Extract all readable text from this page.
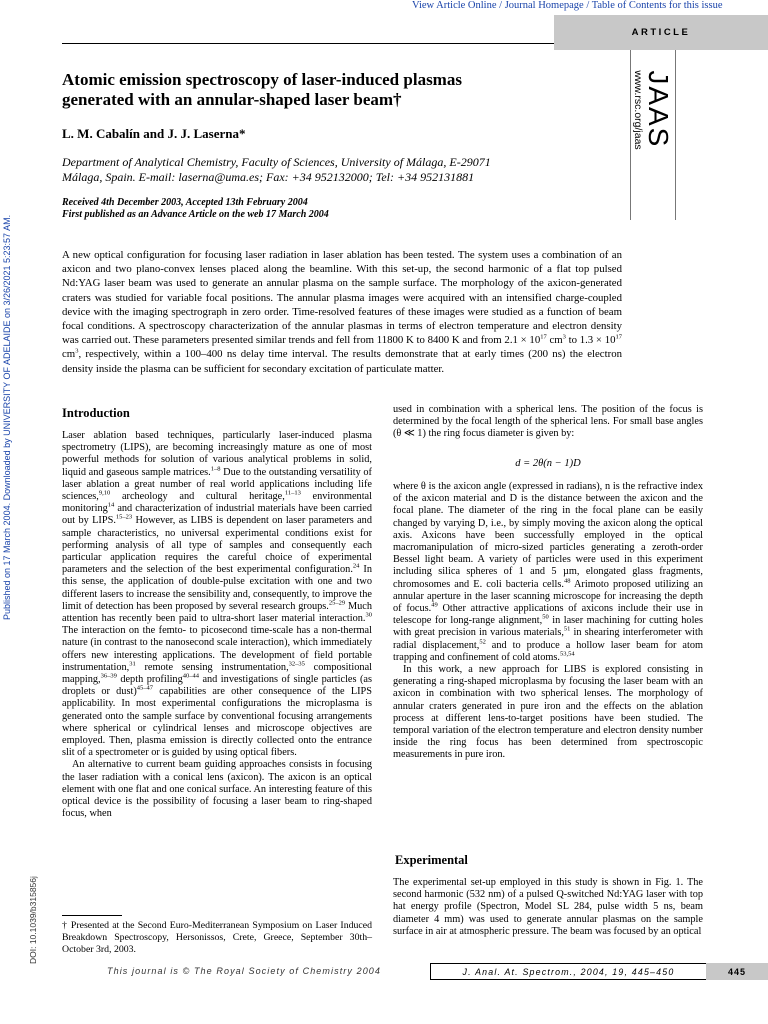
View Article Online / Journal Homepage / Table of Contents for this issue
ARTICLE
JAAS
www.rsc.org/jaas
Published on 17 March 2004. Downloaded by UNIVERSITY OF ADELAIDE on 3/26/2021 5:23:57 AM.
DOI: 10.1039/b315856j
Atomic emission spectroscopy of laser-induced plasmas
generated with an annular-shaped laser beam†
L. M. Cabalín and J. J. Laserna*
Department of Analytical Chemistry, Faculty of Sciences, University of Málaga, E-29071
Málaga, Spain. E-mail: laserna@uma.es; Fax: +34 952132000; Tel: +34 952131881
Received 4th December 2003, Accepted 13th February 2004
First published as an Advance Article on the web 17 March 2004
A new optical configuration for focusing laser radiation in laser ablation has been tested. The system uses a combination of an axicon and two plano-convex lenses placed along the beamline. With this set-up, the second harmonic of a flat top pulsed Nd:YAG laser beam was used to generate an annular plasma on the sample surface. The morphology of the axicon-generated craters was studied for variable focal positions. The annular plasma images were acquired with an intensified charge-coupled device with the imaging spectrograph in zero order. Time-resolved features of these images were studied as a function of beam focal conditions. A spectroscopy characterization of the annular plasmas in terms of electron temperature and electron density was carried out. These parameters presented similar trends and fell from 11800 K to 8400 K and from $2.1 \times 10^{17}$ $cm^3$ to $1.3 \times 10^{17}$ $cm^3$, respectively, within a 100–400 ns delay time interval. The results demonstrate that at early times (200 ns) the electron density inside the plasma can be sufficient for secondary excitation of particulate matter.
Introduction

Laser ablation based techniques, particularly laser-induced plasma spectrometry (LIPS), are becoming increasingly mature as one of most powerful methods for solution of various analytical problems in solid, liquid and gaseous sample matrices.$^{1-8}$ Due to the outstanding versatility of laser ablation a great number of real world applications including life sciences,$^{9,10}$ archeology and cultural heritage,$^{11-13}$ environmental monitoring$^{14}$ and characterization of industrial materials have been carried out by LIPS.$^{15-23}$ However, as LIBS is dependent on laser parameters and sample characteristics, no universal experimental conditions exist for performing analysis of all type of samples and consequently each particular application requires the careful choice of experimental parameters and the selection of the best experimental configuration.$^{24}$ In this sense, the application of double-pulse excitation with one and two different lasers to increase the sensibility and, consequently, to improve the limit of detection has been proposed by several research groups.$^{25-29}$ Much attention has recently been paid to ultra-short laser material interaction.$^{30}$ The interaction on the femto- to picosecond time-scale has a non-thermal nature (in contrast to the nanosecond scale interaction), which immediately offers new interesting applications. The development of field portable instrumentation,$^{31}$ remote sensing instrumentation,$^{32-35}$ compositional mapping,$^{36-39}$ depth profiling$^{40-44}$ and investigations of single particles (as droplets or dust)$^{45-47}$ capabilities are other consequence of the LIPS applicability. In most experimental configurations the microplasma is generated onto the sample surface by conventional focusing arrangements where spherical or cylindrical lenses and microscope objectives are employed. Then, plasma emission is directly collected onto the entrance slit of a spectrometer or is guided by using optical fibers.

An alternative to current beam guiding approaches consists in focusing the laser radiation with a conical lens (axicon). The axicon is an optical element with one flat and one conical surface. An interesting feature of this optical device is the possibility of focusing a laser beam to ring-shaped focus, when

† Presented at the Second Euro-Mediterranean Symposium on Laser Induced Breakdown Spectroscopy, Hersonissos, Crete, Greece, September 30th–October 3rd, 2003.

used in combination with a spherical lens. The position of the focus is determined by the focal length of the spherical lens. For small base angles (θ ≪ 1) the ring focus diameter is given by:

d = 2θ(n − 1)D

where θ is the axicon angle (expressed in radians), n is the refractive index of the axicon material and D is the distance between the axicon and the focal plane. The diameter of the ring in the focal plane can be easily changed by varying D, i.e., by simply moving the axicon along the optical axis. Axicons have been successfully employed in the optical macromanipulation of micro-sized particles generating a zeroth-order Bessel light beam. A variety of particles were used in this experiment including silica spheres of 1 and 5 µm, elongated glass fragments, chromosomes and E. coli bacteria cells.$^{48}$ Arimoto proposed utilizing an annular aperture in the laser scanning microscope for increasing the depth of focus.$^{49}$ Other attractive applications of axicons include their use in telescope for long-range alignment,$^{50}$ in laser machining for cutting holes with great precision in various materials,$^{51}$ in shearing interferometer with radial displacement,$^{52}$ and to produce a hollow laser beam for atom trapping and confinement of cold atoms.$^{53,54}$

In this work, a new approach for LIBS is explored consisting in generating a ring-shaped microplasma by focusing the laser beam with an axicon in combination with two spherical lenses. The morphology of annular craters generated in pure iron and the effects on the ablation process at different lens-to-target positions have been studied. The temporal variation of the electron temperature and electron density number inside the ring focus has been determined from spectroscopic measurements in pure iron.

Experimental

The experimental set-up employed in this study is shown in Fig. 1. The second harmonic (532 nm) of a pulsed Q-switched Nd:YAG laser with top hat energy profile (Spectron, Model SL 284, pulse width 5 ns, beam diameter 4 mm) was used to generate annular plasmas on the sample surface in air at atmospheric pressure. The beam was focused by an optical

This journal is © The Royal Society of Chemistry 2004	J. Anal. At. Spectrom., 2004, 19, 445–450	445
